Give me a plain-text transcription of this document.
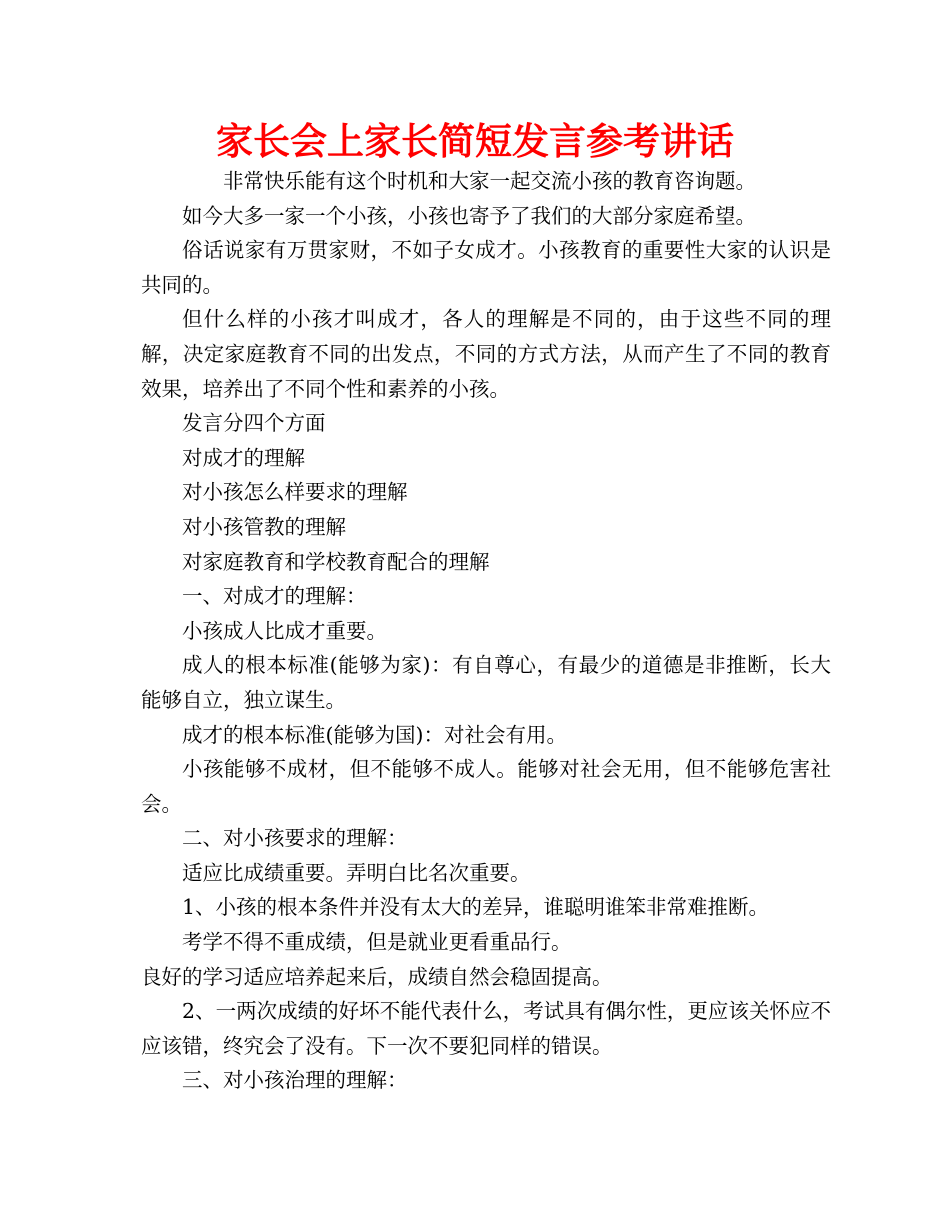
家长会上家长简短发言参考讲话

非常快乐能有这个时机和大家一起交流小孩的教育咨询题。

如今大多一家一个小孩，小孩也寄予了我们的大部分家庭希望。

俗话说家有万贯家财，不如子女成才。小孩教育的重要性大家的认识是共同的。

但什么样的小孩才叫成才，各人的理解是不同的，由于这些不同的理解，决定家庭教育不同的出发点，不同的方式方法，从而产生了不同的教育效果，培养出了不同个性和素养的小孩。

发言分四个方面

对成才的理解

对小孩怎么样要求的理解

对小孩管教的理解

对家庭教育和学校教育配合的理解

一、对成才的理解：

小孩成人比成才重要。

成人的根本标准(能够为家)：有自尊心，有最少的道德是非推断，长大能够自立，独立谋生。

成才的根本标准(能够为国)：对社会有用。

小孩能够不成材，但不能够不成人。能够对社会无用，但不能够危害社会。

二、对小孩要求的理解：

适应比成绩重要。弄明白比名次重要。

1、小孩的根本条件并没有太大的差异，谁聪明谁笨非常难推断。

考学不得不重成绩，但是就业更看重品行。

良好的学习适应培养起来后，成绩自然会稳固提高。

2、一两次成绩的好坏不能代表什么，考试具有偶尔性，更应该关怀应不应该错，终究会了没有。下一次不要犯同样的错误。

三、对小孩治理的理解：
